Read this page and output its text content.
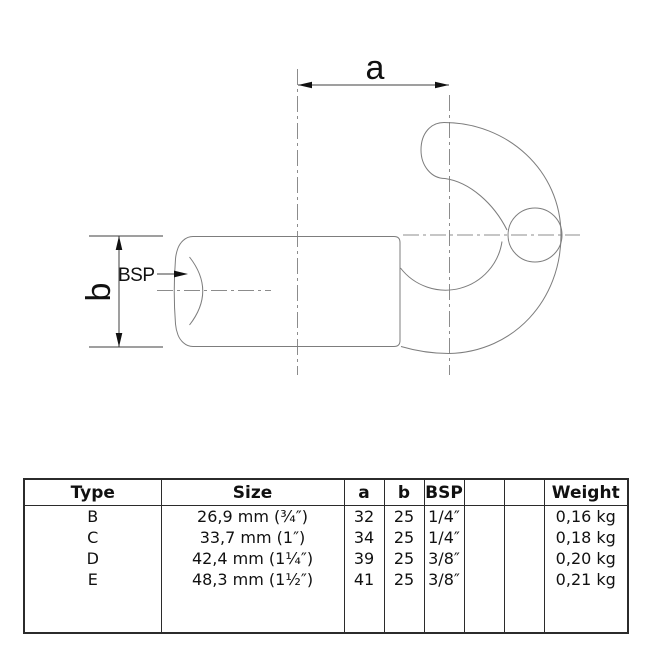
a
b
BSP
Type	Size	a	b	BSP			Weight
B	26,9 mm (¾″)	32	25	1/4″			0,16 kg
C	33,7 mm (1″)	34	25	1/4″			0,18 kg
D	42,4 mm (1¼″)	39	25	3/8″			0,20 kg
E	48,3 mm (1½″)	41	25	3/8″			0,21 kg
